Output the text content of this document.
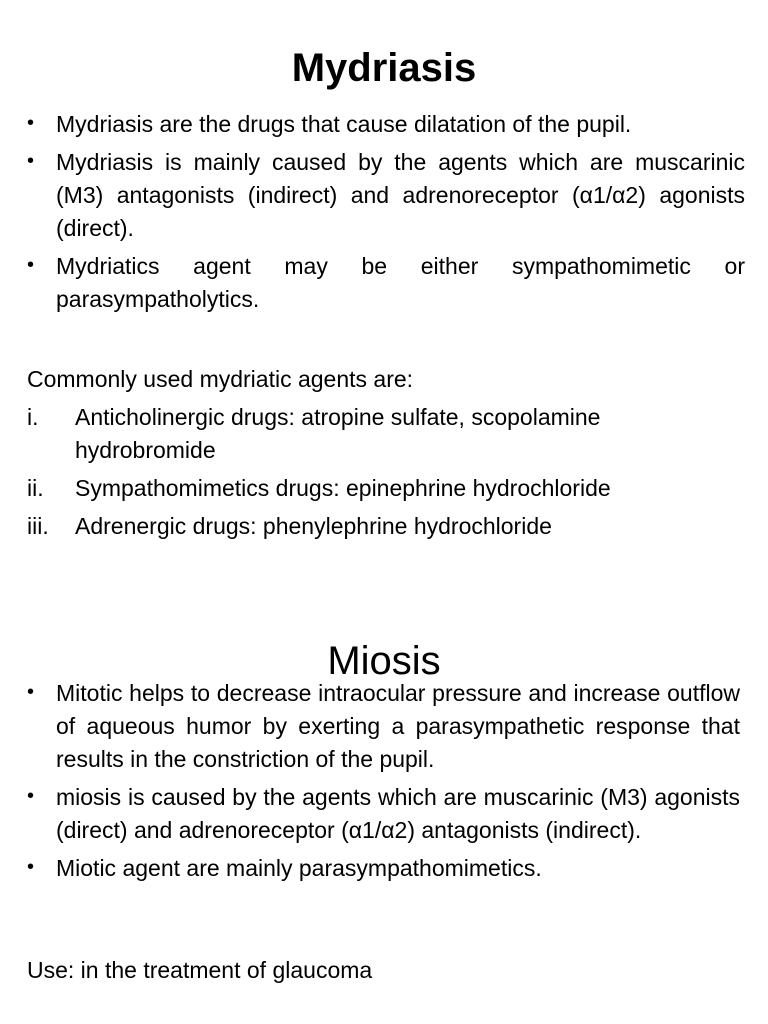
Mydriasis
• Mydriasis are the drugs that cause dilatation of the pupil.
• Mydriasis is mainly caused by the agents which are muscarinic (M3) antagonists (indirect) and adrenoreceptor (α1/α2) agonists (direct).
• Mydriatics agent may be either sympathomimetic or parasympatholytics.

Commonly used mydriatic agents are:

i. Anticholinergic drugs: atropine sulfate, scopolamine hydrobromide
ii. Sympathomimetics drugs: epinephrine hydrochloride
iii. Adrenergic drugs: phenylephrine hydrochloride
Miosis
• Mitotic helps to decrease intraocular pressure and increase outflow of aqueous humor by exerting a parasympathetic response that results in the constriction of the pupil.
• miosis is caused by the agents which are muscarinic (M3) agonists (direct) and adrenoreceptor (α1/α2) antagonists (indirect).
• Miotic agent are mainly parasympathomimetics.

Use: in the treatment of glaucoma
